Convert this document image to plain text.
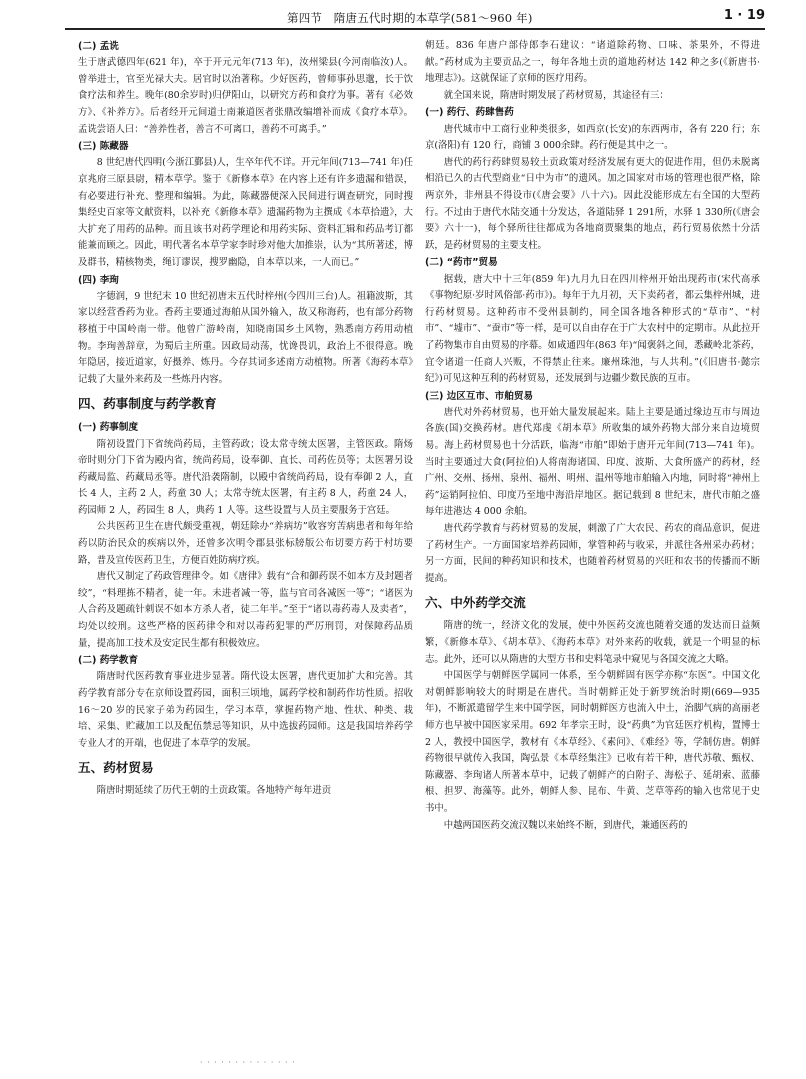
第四节　隋唐五代时期的本草学(581～960 年)	1 · 19
(二) 孟诜

生于唐武德四年(621 年)，卒于开元元年(713 年)，汝州梁县(今河南临汝)人。曾举进士，官至光禄大夫。居官时以治著称。少好医药，曾师事孙思邈，长于饮食疗法和养生。晚年(80余岁时)归伊阳山，以研究方药和食疗为事。著有《必效方》、《补养方》。后者经开元间道士南兼道医者张鼎改编增补而成《食疗本草》。孟诜尝语人曰：“善养性者，善言不可离口，善药不可离手。”

(三) 陈藏器

8 世纪唐代四明(今浙江鄞县)人，生卒年代不详。开元年间(713—741 年)任京兆府三原县尉，精本草学。鉴于《新修本草》在内容上还有许多遗漏和错误，有必要进行补充、整理和编辑。为此，陈藏器便深入民间进行调查研究，同时搜集经史百家等文献资料，以补充《新修本草》遗漏药物为主撰成《本草拾遗》，大大扩充了用药的品种。而且该书对药学理论和用药实际、资料汇辑和药品考订都能兼而顾之。因此，明代著名本草学家李时珍对他大加推崇，认为“其所著述，博及群书，精核物类，绳订谬误，搜罗幽隐，自本草以来，一人而已。”

(四) 李珣

字德润，9 世纪末 10 世纪初唐末五代时梓州(今四川三台)人。祖籍波斯，其家以经营香药为业。香药主要通过海舶从国外输入，故又称海药，也有部分药物移植于中国岭南一带。他曾广游岭南，知晓南国乡土风物，熟悉南方药用动植物。李珣善辞章，为蜀后主所重。因政局动荡，忧谗畏讥，政治上不很得意。晚年隐居，接近道家，好摄养、炼丹。今存其词多述南方动植物。所著《海药本草》记载了大量外来药及一些炼丹内容。

四、药事制度与药学教育
(一) 药事制度

隋初设置门下省统尚药局，主管药政；设太常寺统太医署，主管医政。隋炀帝时则分门下省为殿内省，统尚药局，设奉御、直长、司药佐员等；太医署另设药藏局监、药藏局丞等。唐代沿袭隋制，以殿中省统尚药局，设有奉御 2 人，直长 4 人，主药 2 人，药童 30 人；太常寺统太医署，有主药 8 人，药童 24 人，药园师 2 人，药园生 8 人，典药 1 人等。这些设置与人员主要服务于宫廷。

公共医药卫生在唐代颇受重视，朝廷除办“养病坊”收容穷苦病患者和每年给药以防治民众的疾病以外，还曾多次明令郡县张标牓版公布切要方药于村坊要路，普及宣传医药卫生，方便百姓防病疗疾。

唐代又制定了药政管理律令。如《唐律》载有“合和御药误不如本方及封题者绞”，“料理拣不精者，徒一年。未进者减一等，监与官司各减医一等”；“诸医为人合药及题疏针刺误不如本方杀人者，徒二年半。”至于“诸以毒药毒人及卖者”，均处以绞刑。这些严格的医药律令和对以毒药犯罪的严厉刑罚，对保障药品质量，提高加工技术及安定民生都有积极效应。

(二) 药学教育

隋唐时代医药教育事业进步显著。隋代设太医署，唐代更加扩大和完善。其药学教育部分专在京师设置药园，面积三顷地，属药学校和制药作坊性质。招收 16～20 岁的民家子弟为药园生，学习本草，掌握药物产地、性状、种类、栽培、采集、贮藏加工以及配伍禁忌等知识，从中选拔药园师。这是我国培养药学专业人才的开端，也促进了本草学的发展。

五、药材贸易

隋唐时期延续了历代王朝的土贡政策。各地特产每年进贡

朝廷。836 年唐户部侍郎李石建议：“诸道除药物、口味、茶果外，不得进献。”药材成为主要贡品之一，每年各地土贡的道地药材达 142 种之多(《新唐书·地理志》)。这就保证了京师的医疗用药。

就全国来说，隋唐时期发展了药材贸易，其途径有三：

(一) 药行、药肆售药

唐代城市中工商行业种类很多，如西京(长安)的东西两市，各有 220 行；东京(洛阳)有 120 行，商铺 3 000余肆。药行便是其中之一。

唐代的药行药肆贸易较土贡政策对经济发展有更大的促进作用，但仍未脱离相沿已久的古代型商业“日中为市”的遗风。加之国家对市场的管理也很严格，除两京外，非州县不得设市(《唐会要》八十六)。因此没能形成左右全国的大型药行。不过由于唐代水陆交通十分发达，各道陆驿 1 291所，水驿 1 330所(《唐会要》六十一)，每个驿所往往都成为各地商贾聚集的地点，药行贸易依然十分活跃，是药材贸易的主要支柱。

(二) “药市”贸易

据载，唐大中十三年(859 年)九月九日在四川梓州开始出现药市(宋代高承《事物纪原·岁时风俗部·药市》)。每年于九月初，天下卖药者，都云集梓州城，进行药材贸易。这种药市不受州县制约，同全国各地各种形式的“草市”、“村市”、“墟市”、“蚕市”等一样，是可以自由存在于广大农村中的定期市。从此拉开了药物集市自由贸易的序幕。如咸通四年(863 年)“闻褒斜之间，悉藏岭北茶药，宜令诸道一任商人兴贩，不得禁止往来。廉州珠池，与人共利。”(《旧唐书·懿宗纪》)可见这种互利的药材贸易，还发展到与边疆少数民族的互市。

(三) 边区互市、市舶贸易

唐代对外药材贸易，也开始大量发展起来。陆上主要是通过缘边互市与周边各族(国)交换药材。唐代郑虔《胡本草》所收集的域外药物大部分来自边境贸易。海上药材贸易也十分活跃，临海“市舶”即始于唐开元年间(713—741 年)。当时主要通过大食(阿拉伯)人将南海诸国、印度、波斯、大食所盛产的药材，经广州、交州、扬州、泉州、福州、明州、温州等地市舶输入内地，同时将“神州上药”运销阿拉伯、印度乃至地中海沿岸地区。据记载到 8 世纪末，唐代市舶之盛每年进港达 4 000 余舶。

唐代药学教育与药材贸易的发展，刺激了广大农民、药农的商品意识，促进了药材生产。一方面国家培养药园师，掌管种药与收采，并派往各州采办药材；另一方面，民间的种药知识和技术，也随着药材贸易的兴旺和农书的传播而不断提高。

六、中外药学交流

隋唐的统一，经济文化的发展，使中外医药交流也随着交通的发达而日益频繁，《新修本草》、《胡本草》、《海药本草》对外来药的收载，就是一个明显的标志。此外，还可以从隋唐的大型方书和史料笔录中窥见与各国交流之大略。

中国医学与朝鲜医学属同一体系，至今朝鲜固有医学亦称“东医”。中国文化对朝鲜影响较大的时期是在唐代。当时朝鲜正处于新罗统治时期(669—935 年)，不断派遣留学生来中国学医，同时朝鲜医方也流入中土，治脚气病的高丽老师方也早被中国医家采用。692 年孝宗王时，设“药典”为官廷医疗机构，置博士 2 人，教授中国医学，教材有《本草经》、《素问》、《难经》等，学制仿唐。朝鲜药物很早就传入我国，陶弘景《本草经集注》已收有若干种，唐代苏敬、甄权、陈藏器、李珣诸人所著本草中，记载了朝鲜产的白附子、海松子、延胡索、蓝藤根、担罗、海藻等。此外，朝鲜人参、昆布、牛黄、芝草等药的输入也常见于史书中。

中越两国医药交流汉魏以来始终不断，到唐代，兼通医药的

· · · · · · · · · · · · · ·
